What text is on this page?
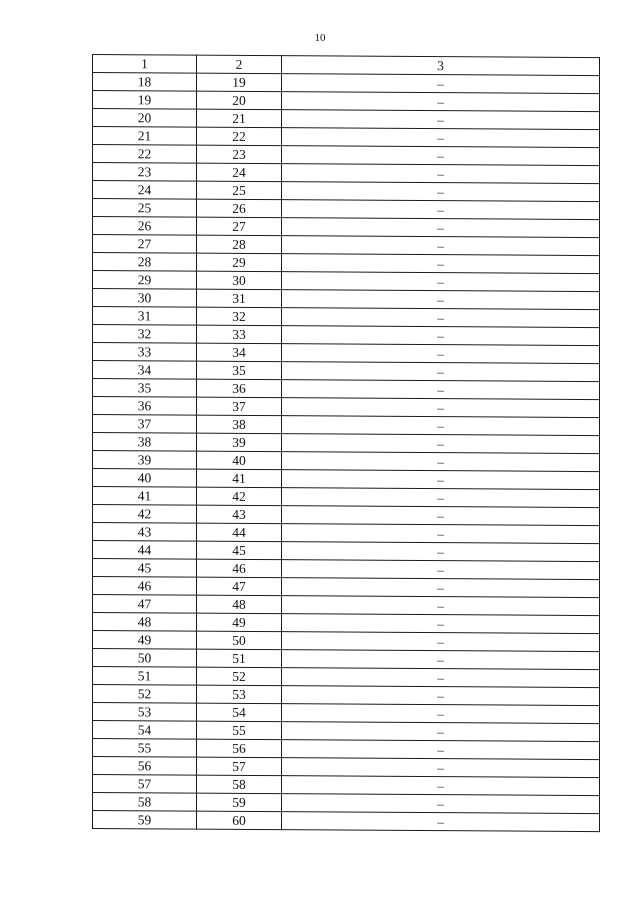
10
1	2	3
18	19	–
19	20	–
20	21	–
21	22	–
22	23	–
23	24	–
24	25	–
25	26	–
26	27	–
27	28	–
28	29	–
29	30	–
30	31	–
31	32	–
32	33	–
33	34	–
34	35	–
35	36	–
36	37	–
37	38	–
38	39	–
39	40	–
40	41	–
41	42	–
42	43	–
43	44	–
44	45	–
45	46	–
46	47	–
47	48	–
48	49	–
49	50	–
50	51	–
51	52	–
52	53	–
53	54	–
54	55	–
55	56	–
56	57	–
57	58	–
58	59	–
59	60	–
